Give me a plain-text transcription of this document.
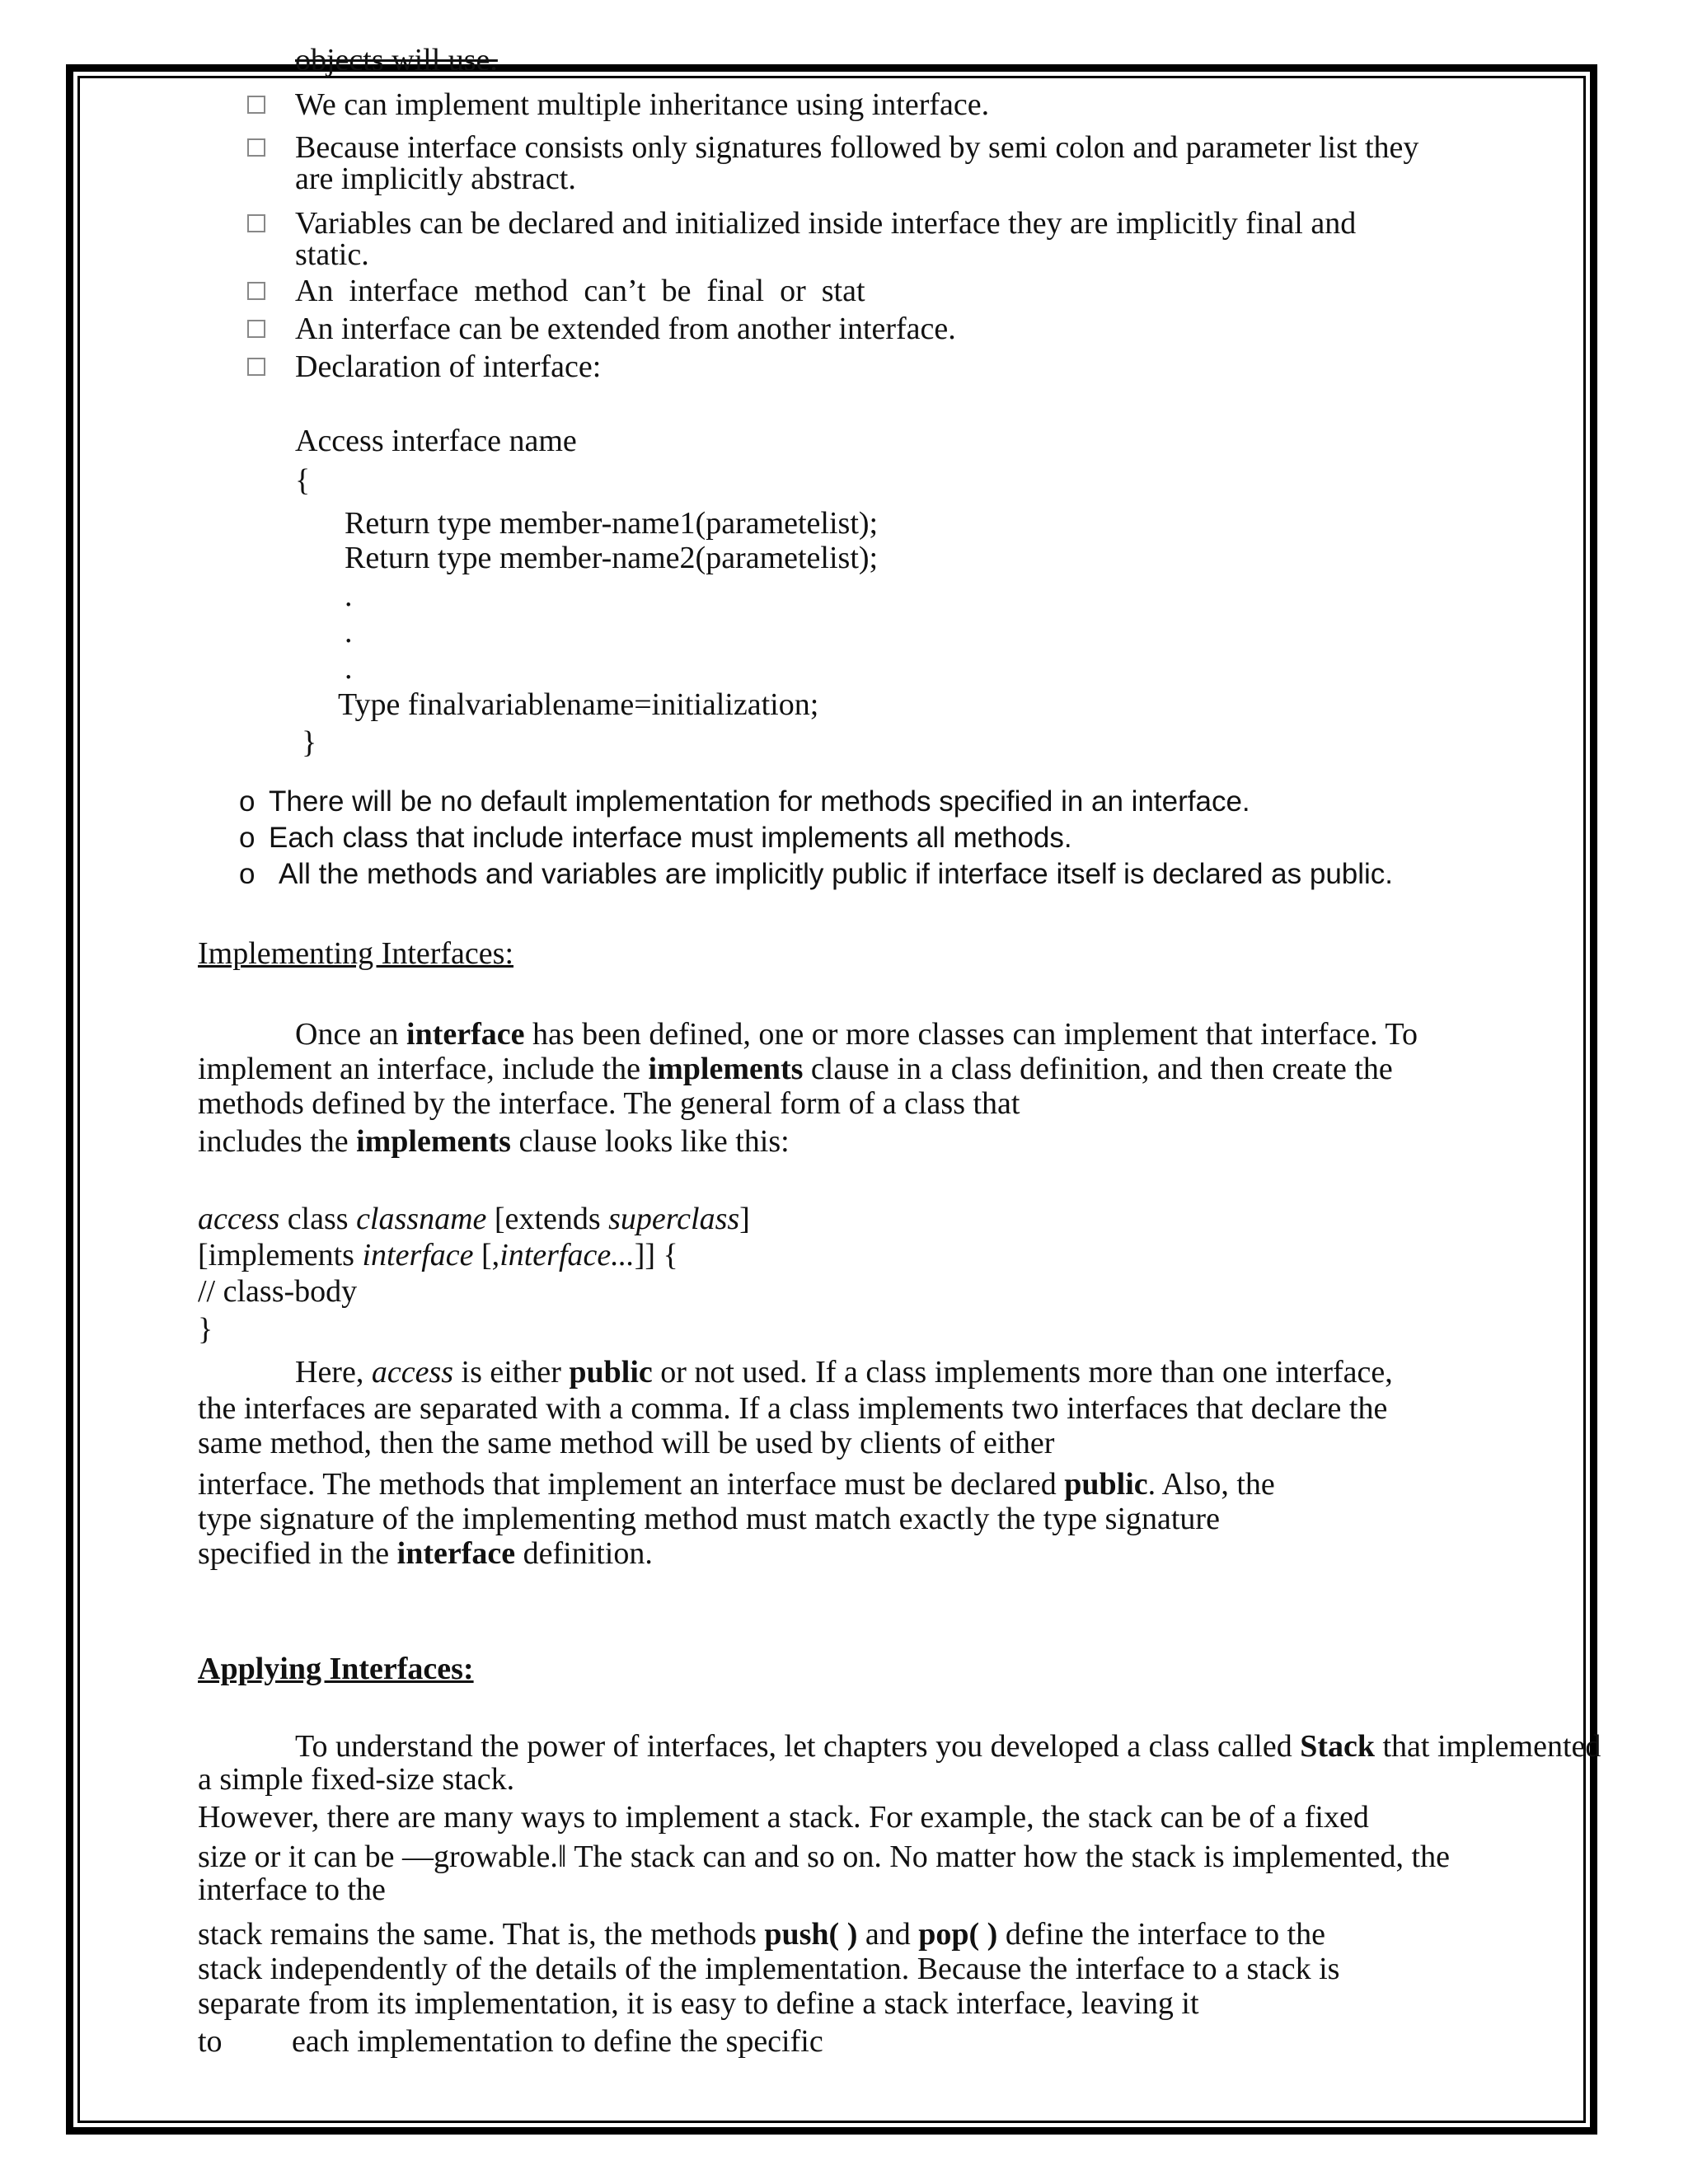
objects will use.

We can implement multiple inheritance using interface.

Because interface consists only signatures followed by semi colon and parameter list they

are implicitly abstract.

Variables can be declared and initialized inside interface they are implicitly final and

static.

An  interface  method  can’t  be  final  or  stat

An interface can be extended from another interface.

Declaration of interface:

Access interface name

{

Return type member-name1(parametelist);

Return type member-name2(parametelist);

.

.

.

Type finalvariablename=initialization;

}

o There will be no default implementation for methods specified in an interface.

o Each class that include interface must implements all methods.

o All the methods and variables are implicitly public if interface itself is declared as public.

Implementing Interfaces:

Once an interface has been defined, one or more classes can implement that interface. To

implement an interface, include the implements clause in a class definition, and then create the

methods defined by the interface. The general form of a class that

includes the implements clause looks like this:

access class classname [extends superclass]

[implements interface [,interface...]] {

// class-body

}

Here, access is either public or not used. If a class implements more than one interface,

the interfaces are separated with a comma. If a class implements two interfaces that declare the

same method, then the same method will be used by clients of either

interface. The methods that implement an interface must be declared public. Also, the

type signature of the implementing method must match exactly the type signature

specified in the interface definition.

Applying Interfaces:

To understand the power of interfaces, let chapters you developed a class called Stack that implemented

a simple fixed-size stack.

However, there are many ways to implement a stack. For example, the stack can be of a fixed

size or it can be —growable.‖ The stack can and so on. No matter how the stack is implemented, the

interface to the

stack remains the same. That is, the methods push( ) and pop( ) define the interface to the

stack independently of the details of the implementation. Because the interface to a stack is

separate from its implementation, it is easy to define a stack interface, leaving it

to each implementation to define the specific
